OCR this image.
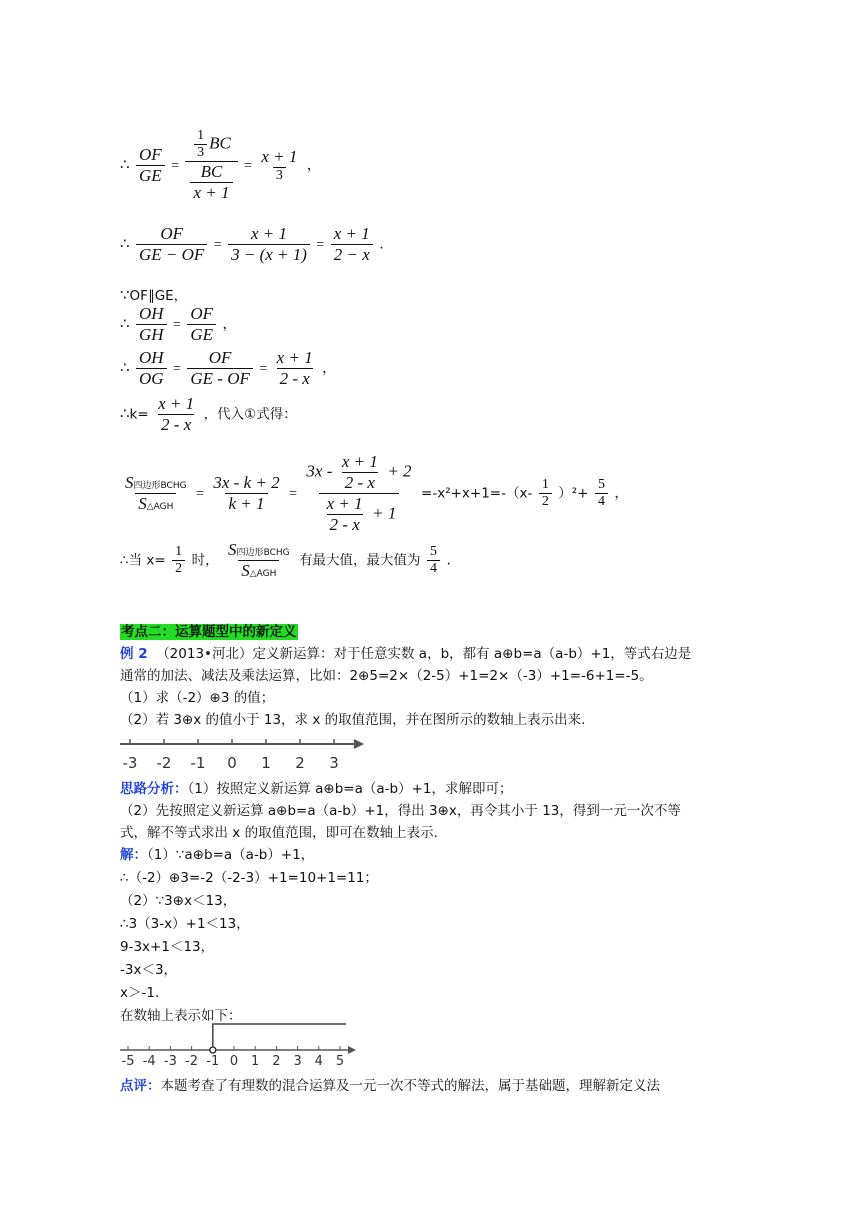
∴ $\frac{OF}{GE} = \frac{\frac{1}{3} BC}{\frac{BC}{x + 1}} = \frac{x + 1}{3}$ ，
∴ $\frac{OF}{GE - OF} = \frac{x + 1}{3 - (x + 1)} = \frac{x + 1}{2 - x}$ .
∵OF∥GE，
∴ $\frac{OH}{GH} = \frac{OF}{GE}$ ，
∴ $\frac{OH}{OG} = \frac{OF}{GE - OF} = \frac{x + 1}{2 - x}$ ，
∴k= $\frac{x + 1}{2 - x}$ ，代入①式得：
$\frac{\text{S四边形BCHG}}{\text{S△AGH}} = \frac{3x - k + 2}{k + 1} = \frac{3x - \frac{x + 1}{2 - x} + 2}{\frac{x + 1}{2 - x} + 1} =-x^2+x+1=-(x- \frac{1}{2} )^2+ \frac{5}{4}$ ，
∴当 $x= \frac{1}{2}$ 时， $\frac{\text{S四边形BCHG}}{\text{S△AGH}}$ 有最大值，最大值为 $\frac{5}{4}$ .
考点二：运算题型中的新定义
例 2 （2013•河北）定义新运算：对于任意实数 a，b，都有 a⊕b=a（a-b）+1，等式右边是
通常的加法、减法及乘法运算，比如：2⊕5=2×（2-5）+1=2×（-3）+1=-6+1=-5。
（1）求（-2）⊕3 的值；
（2）若 3⊕x 的值小于 13，求 x 的取值范围，并在图所示的数轴上表示出来.
-3 -2 -1 0 1 2 3
思路分析：（1）按照定义新运算 a⊕b=a（a-b）+1，求解即可；
（2）先按照定义新运算 a⊕b=a（a-b）+1，得出 3⊕x，再令其小于 13，得到一元一次不等
式，解不等式求出 x 的取值范围，即可在数轴上表示.
解：（1）∵a⊕b=a（a-b）+1，
∴（-2）⊕3=-2（-2-3）+1=10+1=11；
（2）∵3⊕x＜13，
∴3（3-x）+1＜13，
9-3x+1＜13，
-3x＜3，
x＞-1.
在数轴上表示如下：
-5 -4 -3 -2 -1 0 1 2 3 4 5
点评：本题考查了有理数的混合运算及一元一次不等式的解法，属于基础题，理解新定义法
